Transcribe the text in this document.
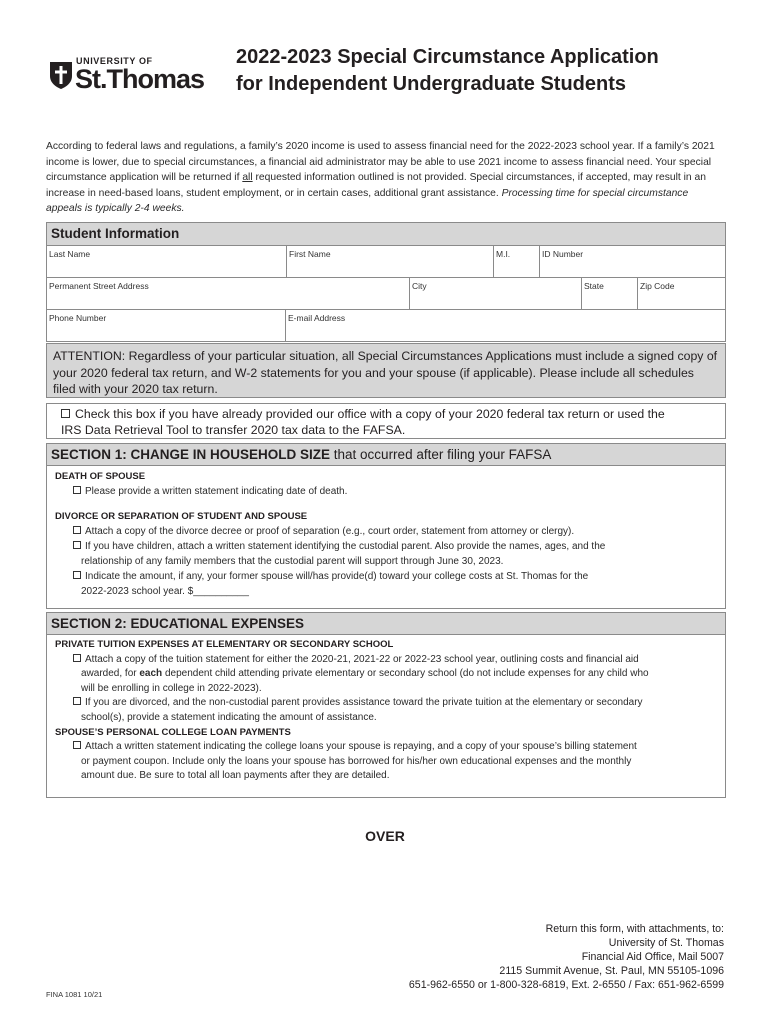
UNIVERSITY OF
St.Thomas
2022-2023 Special Circumstance Application
for Independent Undergraduate Students
According to federal laws and regulations, a family’s 2020 income is used to assess financial need for the 2022-2023 school year. If a family’s 2021 income is lower, due to special circumstances, a financial aid administrator may be able to use 2021 income to assess financial need. Your special circumstance application will be returned if all requested information outlined is not provided. Special circumstances, if accepted, may result in an increase in need-based loans, student employment, or in certain cases, additional grant assistance. Processing time for special circumstance appeals is typically 2-4 weeks.
Student Information
Last Name	First Name	M.I.	ID Number
Permanent Street Address	City	State	Zip Code
Phone Number	E-mail Address
ATTENTION: Regardless of your particular situation, all Special Circumstances Applications must include a signed copy of your 2020 federal tax return, and W-2 statements for you and your spouse (if applicable). Please include all schedules filed with your 2020 tax return.
Check this box if you have already provided our office with a copy of your 2020 federal tax return or used the
IRS Data Retrieval Tool to transfer 2020 tax data to the FAFSA.
SECTION 1: CHANGE IN HOUSEHOLD SIZE that occurred after filing your FAFSA
DEATH OF SPOUSE
Please provide a written statement indicating date of death.
DIVORCE OR SEPARATION OF STUDENT AND SPOUSE
Attach a copy of the divorce decree or proof of separation (e.g., court order, statement from attorney or clergy).
If you have children, attach a written statement identifying the custodial parent. Also provide the names, ages, and the
relationship of any family members that the custodial parent will support through June 30, 2023.
Indicate the amount, if any, your former spouse will/has provide(d) toward your college costs at St. Thomas for the
2022-2023 school year. $__________
SECTION 2: EDUCATIONAL EXPENSES
PRIVATE TUITION EXPENSES AT ELEMENTARY OR SECONDARY SCHOOL
Attach a copy of the tuition statement for either the 2020-21, 2021-22 or 2022-23 school year, outlining costs and financial aid
awarded, for each dependent child attending private elementary or secondary school (do not include expenses for any child who
will be enrolling in college in 2022-2023).
If you are divorced, and the non-custodial parent provides assistance toward the private tuition at the elementary or secondary
school(s), provide a statement indicating the amount of assistance.
SPOUSE’S PERSONAL COLLEGE LOAN PAYMENTS
Attach a written statement indicating the college loans your spouse is repaying, and a copy of your spouse’s billing statement
or payment coupon. Include only the loans your spouse has borrowed for his/her own educational expenses and the monthly
amount due. Be sure to total all loan payments after they are detailed.
OVER
Return this form, with attachments, to:
University of St. Thomas
Financial Aid Office, Mail 5007
2115 Summit Avenue, St. Paul, MN 55105-1096
651-962-6550 or 1-800-328-6819, Ext. 2-6550 / Fax: 651-962-6599
FINA 1081 10/21
